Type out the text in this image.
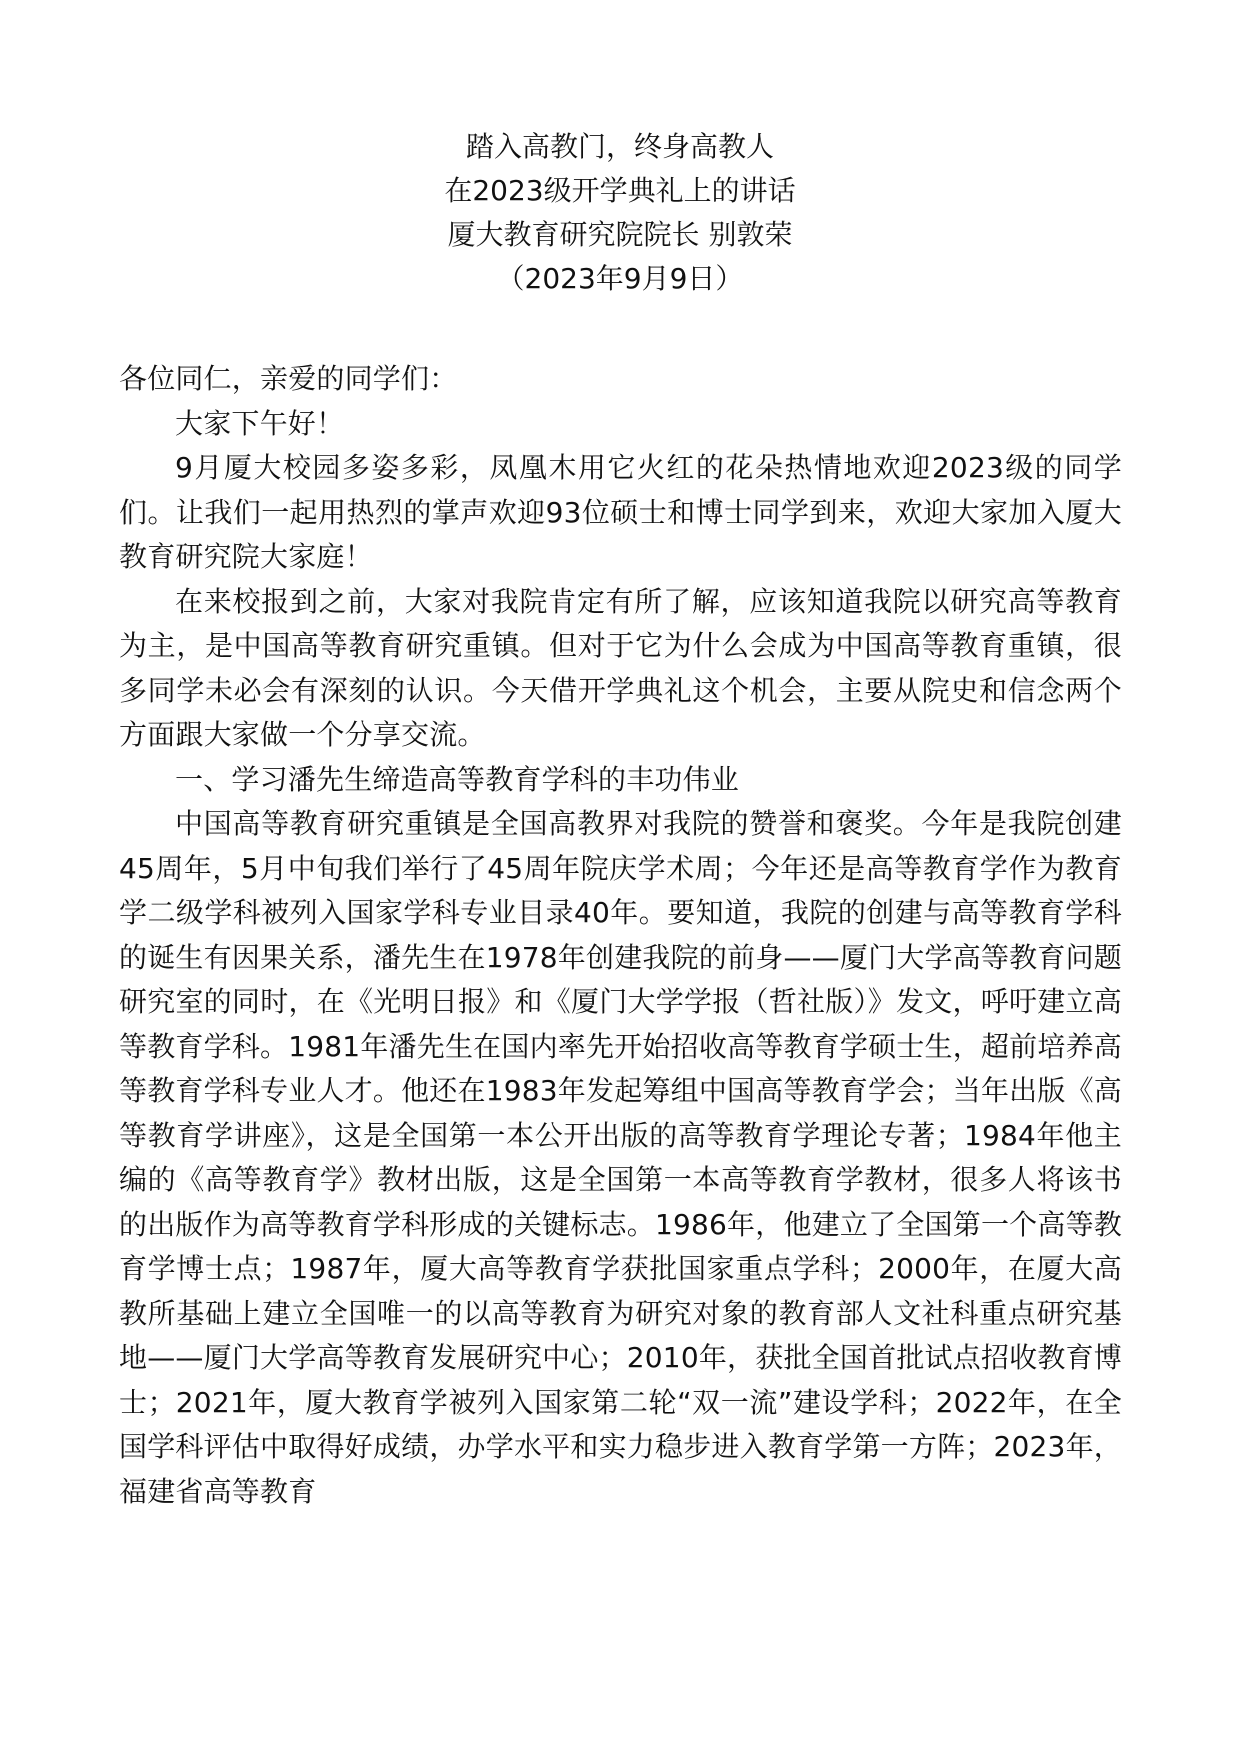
踏入高教门，终身高教人

在2023级开学典礼上的讲话

厦大教育研究院院长 别敦荣

（2023年9月9日）

各位同仁，亲爱的同学们：

大家下午好！

9月厦大校园多姿多彩，凤凰木用它火红的花朵热情地欢迎2023级的同学们。让我们一起用热烈的掌声欢迎93位硕士和博士同学到来，欢迎大家加入厦大教育研究院大家庭！

在来校报到之前，大家对我院肯定有所了解，应该知道我院以研究高等教育为主，是中国高等教育研究重镇。但对于它为什么会成为中国高等教育重镇，很多同学未必会有深刻的认识。今天借开学典礼这个机会，主要从院史和信念两个方面跟大家做一个分享交流。

一、学习潘先生缔造高等教育学科的丰功伟业

中国高等教育研究重镇是全国高教界对我院的赞誉和褒奖。今年是我院创建45周年，5月中旬我们举行了45周年院庆学术周；今年还是高等教育学作为教育学二级学科被列入国家学科专业目录40年。要知道，我院的创建与高等教育学科的诞生有因果关系，潘先生在1978年创建我院的前身——厦门大学高等教育问题研究室的同时，在《光明日报》和《厦门大学学报（哲社版）》发文，呼吁建立高等教育学科。1981年潘先生在国内率先开始招收高等教育学硕士生，超前培养高等教育学科专业人才。他还在1983年发起筹组中国高等教育学会；当年出版《高等教育学讲座》，这是全国第一本公开出版的高等教育学理论专著；1984年他主编的《高等教育学》教材出版，这是全国第一本高等教育学教材，很多人将该书的出版作为高等教育学科形成的关键标志。1986年，他建立了全国第一个高等教育学博士点；1987年，厦大高等教育学获批国家重点学科；2000年，在厦大高教所基础上建立全国唯一的以高等教育为研究对象的教育部人文社科重点研究基地——厦门大学高等教育发展研究中心；2010年，获批全国首批试点招收教育博士；2021年，厦大教育学被列入国家第二轮“双一流”建设学科；2022年，在全国学科评估中取得好成绩，办学水平和实力稳步进入教育学第一方阵；2023年，福建省高等教育
